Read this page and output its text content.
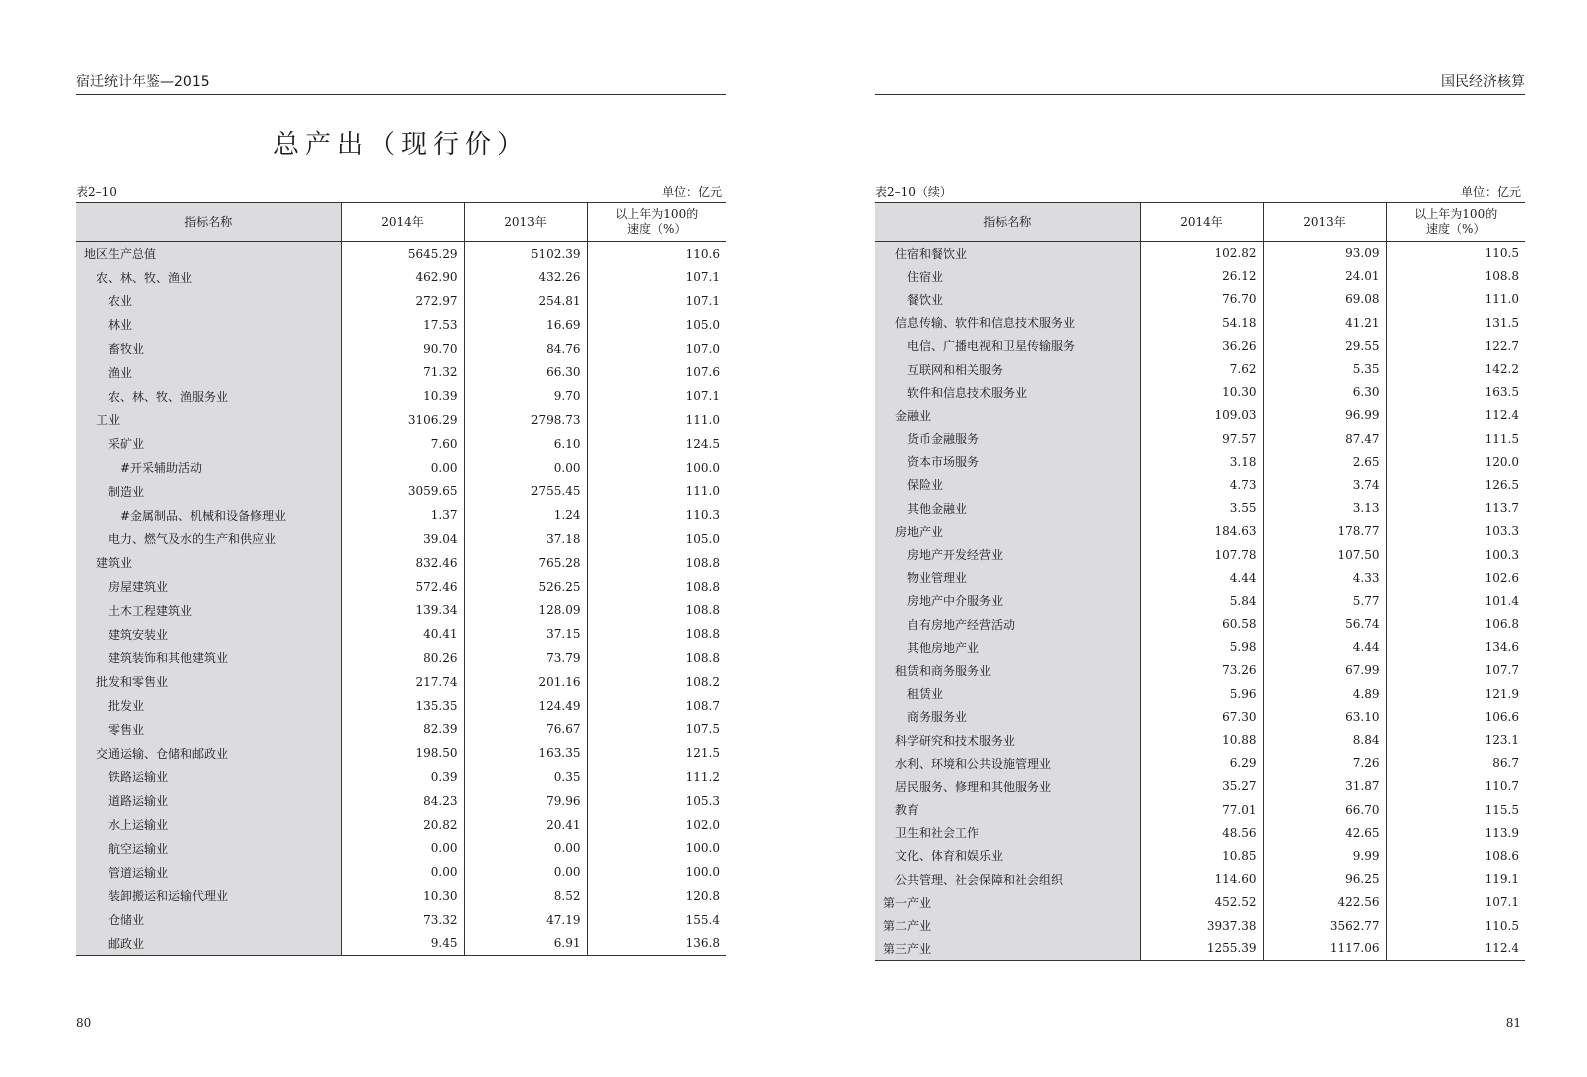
宿迁统计年鉴—2015
总产出（现行价）
表2–10	单位：亿元
指标名称	2014年	2013年	以上年为100的
速度（%）
地区生产总值	5645.29	5102.39	110.6
农、林、牧、渔业	462.90	432.26	107.1
农业	272.97	254.81	107.1
林业	17.53	16.69	105.0
畜牧业	90.70	84.76	107.0
渔业	71.32	66.30	107.6
农、林、牧、渔服务业	10.39	9.70	107.1
工业	3106.29	2798.73	111.0
采矿业	7.60	6.10	124.5
#开采辅助活动	0.00	0.00	100.0
制造业	3059.65	2755.45	111.0
#金属制品、机械和设备修理业	1.37	1.24	110.3
电力、燃气及水的生产和供应业	39.04	37.18	105.0
建筑业	832.46	765.28	108.8
房屋建筑业	572.46	526.25	108.8
土木工程建筑业	139.34	128.09	108.8
建筑安装业	40.41	37.15	108.8
建筑装饰和其他建筑业	80.26	73.79	108.8
批发和零售业	217.74	201.16	108.2
批发业	135.35	124.49	108.7
零售业	82.39	76.67	107.5
交通运输、仓储和邮政业	198.50	163.35	121.5
铁路运输业	0.39	0.35	111.2
道路运输业	84.23	79.96	105.3
水上运输业	20.82	20.41	102.0
航空运输业	0.00	0.00	100.0
管道运输业	0.00	0.00	100.0
装卸搬运和运输代理业	10.30	8.52	120.8
仓储业	73.32	47.19	155.4
邮政业	9.45	6.91	136.8
80
国民经济核算
表2–10（续）	单位：亿元
指标名称	2014年	2013年	以上年为100的
速度（%）
住宿和餐饮业	102.82	93.09	110.5
住宿业	26.12	24.01	108.8
餐饮业	76.70	69.08	111.0
信息传输、软件和信息技术服务业	54.18	41.21	131.5
电信、广播电视和卫星传输服务	36.26	29.55	122.7
互联网和相关服务	7.62	5.35	142.2
软件和信息技术服务业	10.30	6.30	163.5
金融业	109.03	96.99	112.4
货币金融服务	97.57	87.47	111.5
资本市场服务	3.18	2.65	120.0
保险业	4.73	3.74	126.5
其他金融业	3.55	3.13	113.7
房地产业	184.63	178.77	103.3
房地产开发经营业	107.78	107.50	100.3
物业管理业	4.44	4.33	102.6
房地产中介服务业	5.84	5.77	101.4
自有房地产经营活动	60.58	56.74	106.8
其他房地产业	5.98	4.44	134.6
租赁和商务服务业	73.26	67.99	107.7
租赁业	5.96	4.89	121.9
商务服务业	67.30	63.10	106.6
科学研究和技术服务业	10.88	8.84	123.1
水利、环境和公共设施管理业	6.29	7.26	86.7
居民服务、修理和其他服务业	35.27	31.87	110.7
教育	77.01	66.70	115.5
卫生和社会工作	48.56	42.65	113.9
文化、体育和娱乐业	10.85	9.99	108.6
公共管理、社会保障和社会组织	114.60	96.25	119.1
第一产业	452.52	422.56	107.1
第二产业	3937.38	3562.77	110.5
第三产业	1255.39	1117.06	112.4
81
